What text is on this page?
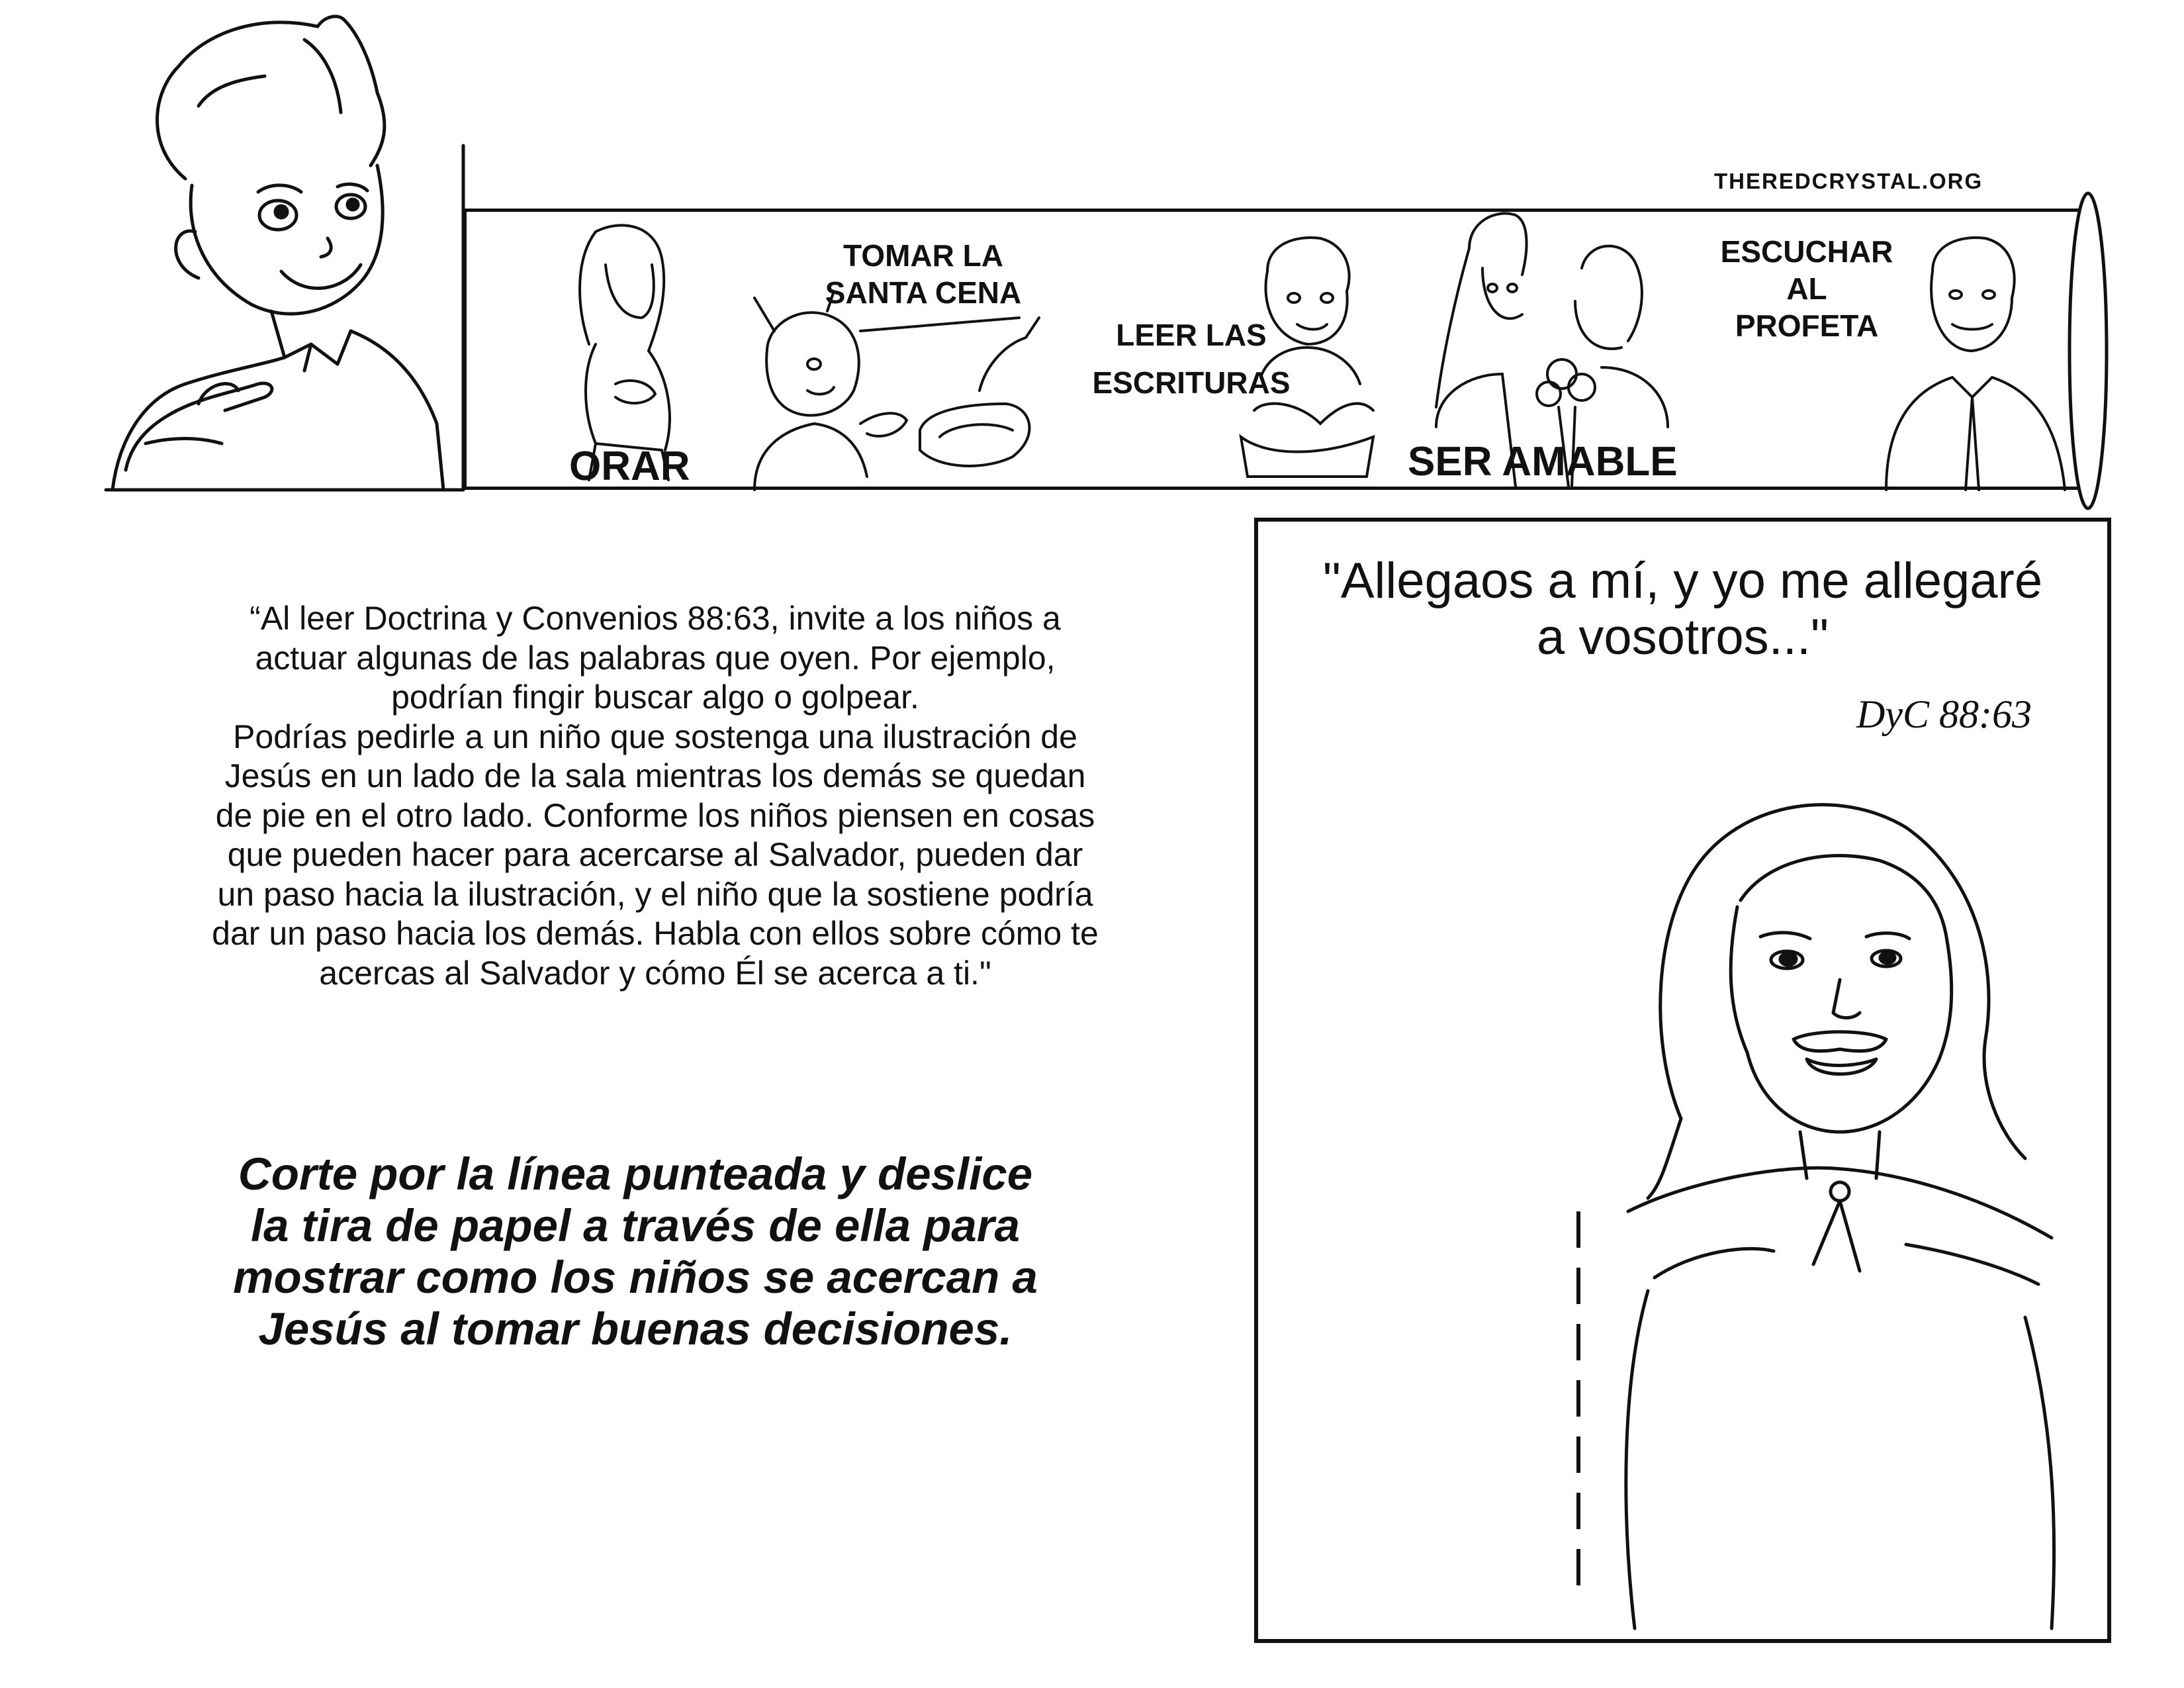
THEREDCRYSTAL.ORG
ORAR
TOMAR LA
SANTA CENA
LEER LAS
ESCRITURAS
SER AMABLE
ESCUCHAR
AL
PROFETA

“Al leer Doctrina y Convenios 88:63, invite a los niños a

actuar algunas de las palabras que oyen. Por ejemplo,

podrían fingir buscar algo o golpear.

Podrías pedirle a un niño que sostenga una ilustración de

Jesús en un lado de la sala mientras los demás se quedan

de pie en el otro lado. Conforme los niños piensen en cosas

que pueden hacer para acercarse al Salvador, pueden dar

un paso hacia la ilustración, y el niño que la sostiene podría

dar un paso hacia los demás. Habla con ellos sobre cómo te

acercas al Salvador y cómo Él se acerca a ti."

Corte por la línea punteada y deslice
la tira de papel a través de ella para
mostrar como los niños se acercan a
Jesús al tomar buenas decisiones.
"Allegaos a mí, y yo me allegaré
a vosotros..."
DyC 88:63
